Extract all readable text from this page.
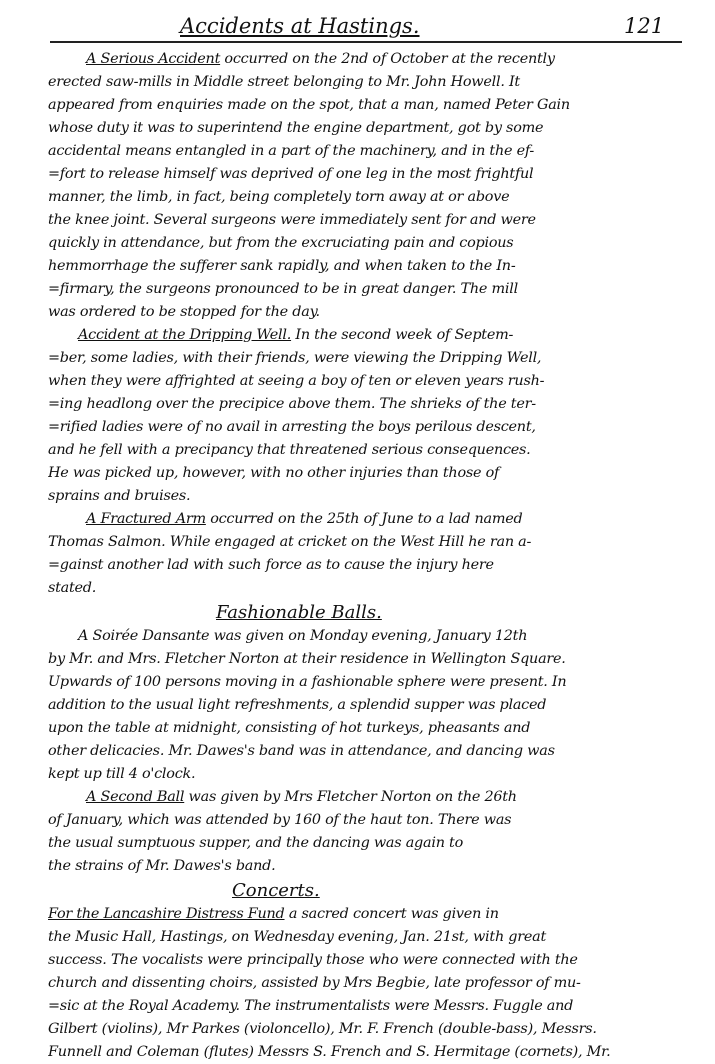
Accidents at Hastings.	121
A Serious Accident occurred on the 2nd of October at the recently
erected saw-mills in Middle street belonging to Mr. John Howell. It
appeared from enquiries made on the spot, that a man, named Peter Gain
whose duty it was to superintend the engine department, got by some
accidental means entangled in a part of the machinery, and in the ef-
=fort to release himself was deprived of one leg in the most frightful
manner, the limb, in fact, being completely torn away at or above
the knee joint. Several surgeons were immediately sent for and were
quickly in attendance, but from the excruciating pain and copious
hemmorrhage the sufferer sank rapidly, and when taken to the In-
=firmary, the surgeons pronounced to be in great danger. The mill
was ordered to be stopped for the day.
Accident at the Dripping Well. In the second week of Septem-
=ber, some ladies, with their friends, were viewing the Dripping Well,
when they were affrighted at seeing a boy of ten or eleven years rush-
=ing headlong over the precipice above them. The shrieks of the ter-
=rified ladies were of no avail in arresting the boys perilous descent,
and he fell with a precipancy that threatened serious consequences.
He was picked up, however, with no other injuries than those of
sprains and bruises.
A Fractured Arm occurred on the 25th of June to a lad named
Thomas Salmon. While engaged at cricket on the West Hill he ran a-
=gainst another lad with such force as to cause the injury here
stated.
Fashionable Balls.
A Soirée Dansante was given on Monday evening, January 12th
by Mr. and Mrs. Fletcher Norton at their residence in Wellington Square.
Upwards of 100 persons moving in a fashionable sphere were present. In
addition to the usual light refreshments, a splendid supper was placed
upon the table at midnight, consisting of hot turkeys, pheasants and
other delicacies. Mr. Dawes's band was in attendance, and dancing was
kept up till 4 o'clock.
A Second Ball was given by Mrs Fletcher Norton on the 26th
of January, which was attended by 160 of the haut ton. There was
the usual sumptuous supper, and the dancing was again to
the strains of Mr. Dawes's band.
Concerts.
For the Lancashire Distress Fund a sacred concert was given in
the Music Hall, Hastings, on Wednesday evening, Jan. 21st, with great
success. The vocalists were principally those who were connected with the
church and dissenting choirs, assisted by Mrs Begbie, late professor of mu-
=sic at the Royal Academy. The instrumentalists were Messrs. Fuggle and
Gilbert (violins), Mr Parkes (violoncello), Mr. F. French (double-bass), Messrs.
Funnell and Coleman (flutes) Messrs S. French and S. Hermitage (cornets), Mr.
